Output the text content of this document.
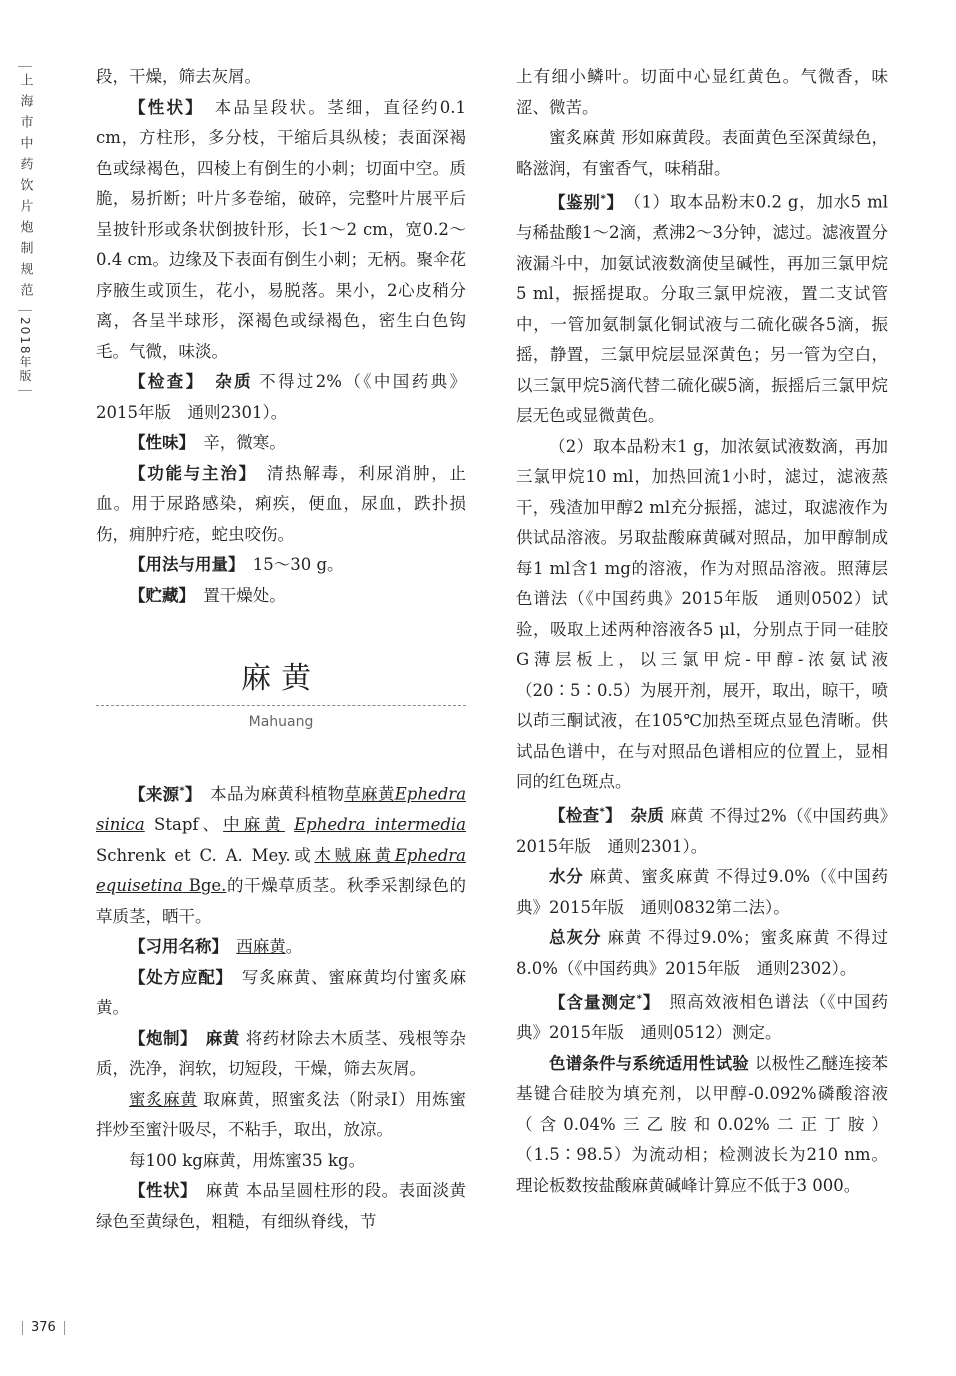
上海市中药饮片炮制规范
2018年版

段，干燥，筛去灰屑。

【性状】　 本品呈段状。茎细，直径约0.1 cm，方柱形，多分枝，干缩后具纵棱；表面深褐色或绿褐色，四棱上有倒生的小刺；切面中空。质脆，易折断；叶片多卷缩，破碎，完整叶片展平后呈披针形或条状倒披针形，长1～2 cm，宽0.2～0.4 cm。边缘及下表面有倒生小刺；无柄。聚伞花序腋生或顶生，花小，易脱落。果小，2心皮稍分离，各呈半球形，深褐色或绿褐色，密生白色钩毛。气微，味淡。

【检查】　 杂质 不得过2%（《中国药典》2015年版　通则2301）。

【性味】　 辛，微寒。

【功能与主治】　 清热解毒，利尿消肿，止血。用于尿路感染，痢疾，便血，尿血，跌扑损伤，痈肿疔疮，蛇虫咬伤。

【用法与用量】　 15～30 g。

【贮藏】　 置干燥处。

麻黄
Mahuang

【来源*】　 本品为麻黄科植物草麻黄Ephedra sinica Stapf、中麻黄 Ephedra intermedia Schrenk et C. A. Mey.或木贼麻黄Ephedra equisetina Bge.的干燥草质茎。秋季采割绿色的草质茎，晒干。

【习用名称】　 西麻黄。

【处方应配】　 写炙麻黄、蜜麻黄均付蜜炙麻黄。

【炮制】　 麻黄 将药材除去木质茎、残根等杂质，洗净，润软，切短段，干燥，筛去灰屑。

蜜炙麻黄 取麻黄，照蜜炙法（附录Ⅰ）用炼蜜拌炒至蜜汁吸尽，不粘手，取出，放凉。

每100 kg麻黄，用炼蜜35 kg。

【性状】　 麻黄 本品呈圆柱形的段。表面淡黄绿色至黄绿色，粗糙，有细纵脊线，节

上有细小鳞叶。切面中心显红黄色。气微香，味涩、微苦。

蜜炙麻黄 形如麻黄段。表面黄色至深黄绿色，略滋润，有蜜香气，味稍甜。

【鉴别*】　 （1）取本品粉末0.2 g，加水5 ml与稀盐酸1～2滴，煮沸2～3分钟，滤过。滤液置分液漏斗中，加氨试液数滴使呈碱性，再加三氯甲烷5 ml，振摇提取。分取三氯甲烷液，置二支试管中，一管加氨制氯化铜试液与二硫化碳各5滴，振摇，静置，三氯甲烷层显深黄色；另一管为空白，以三氯甲烷5滴代替二硫化碳5滴，振摇后三氯甲烷层无色或显微黄色。

（2）取本品粉末1 g，加浓氨试液数滴，再加三氯甲烷10 ml，加热回流1小时，滤过，滤液蒸干，残渣加甲醇2 ml充分振摇，滤过，取滤液作为供试品溶液。另取盐酸麻黄碱对照品，加甲醇制成每1 ml含1 mg的溶液，作为对照品溶液。照薄层色谱法（《中国药典》2015年版　通则0502）试验，吸取上述两种溶液各5 μl，分别点于同一硅胶G薄层板上，以三氯甲烷-甲醇-浓氨试液（20∶5∶0.5）为展开剂，展开，取出，晾干，喷以茚三酮试液，在105℃加热至斑点显色清晰。供试品色谱中，在与对照品色谱相应的位置上，显相同的红色斑点。

【检查*】　 杂质 麻黄 不得过2%（《中国药典》2015年版　通则2301）。

水分 麻黄、蜜炙麻黄 不得过9.0%（《中国药典》2015年版　通则0832第二法）。

总灰分 麻黄 不得过9.0%；蜜炙麻黄 不得过8.0%（《中国药典》2015年版　通则2302）。

【含量测定*】　 照高效液相色谱法（《中国药典》2015年版　通则0512）测定。

色谱条件与系统适用性试验 以极性乙醚连接苯基键合硅胶为填充剂，以甲醇-0.092%磷酸溶液（含0.04%三乙胺和0.02%二正丁胺）（1.5∶98.5）为流动相；检测波长为210 nm。理论板数按盐酸麻黄碱峰计算应不低于3 000。

376
